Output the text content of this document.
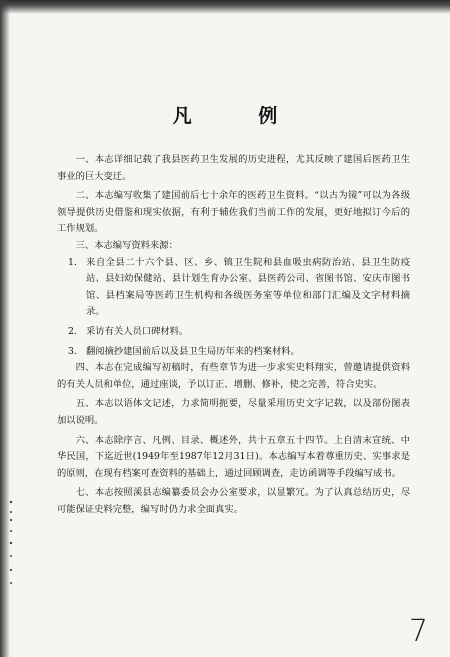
凡 例

一、本志详细记载了我县医药卫生发展的历史进程，尤其反映了建国后医药卫生事业的巨大变迁。

二、本志编写收集了建国前后七十余年的医药卫生资料。“以古为镜”可以为各级领导提供历史借鉴和现实依据，有利于辅佐我们当前工作的发展，更好地拟订今后的工作规划。

三、本志编写资料来源：

1. 来自全县二十六个县、区、乡、镇卫生院和县血吸虫病防治站、县卫生防疫站、县妇幼保健站、县计划生育办公室、县医药公司、省图书馆、安庆市图书馆、县档案局等医药卫生机构和各级医务室等单位和部门汇编及文字材料摘录。
2. 采访有关人员口碑材料。
3. 翻阅摘抄建国前后以及县卫生局历年来的档案材料。

四、本志在完成编写初稿时，有些章节为进一步求实史料翔实，曾邀请提供资料的有关人员和单位，通过座谈，予以订正、增删、修补，使之完善，符合史实。

五、本志以语体文记述，力求简明扼要，尽量采用历史文字记载，以及部份图表加以说明。

六、本志除序言、凡例、目录、概述外，共十五章五十四节。上自清末宣统、中华民国，下迄近世(1949年至1987年12月31日)。本志编写本着尊重历史、实事求是的原则，在现有档案可查资料的基础上，通过回顾调查，走访函调等手段编写成书。

七、本志按照溪县志编纂委员会办公室要求，以显繁冗。为了认真总结历史，尽可能保证史料完整，编写时仍力求全面真实。

7
